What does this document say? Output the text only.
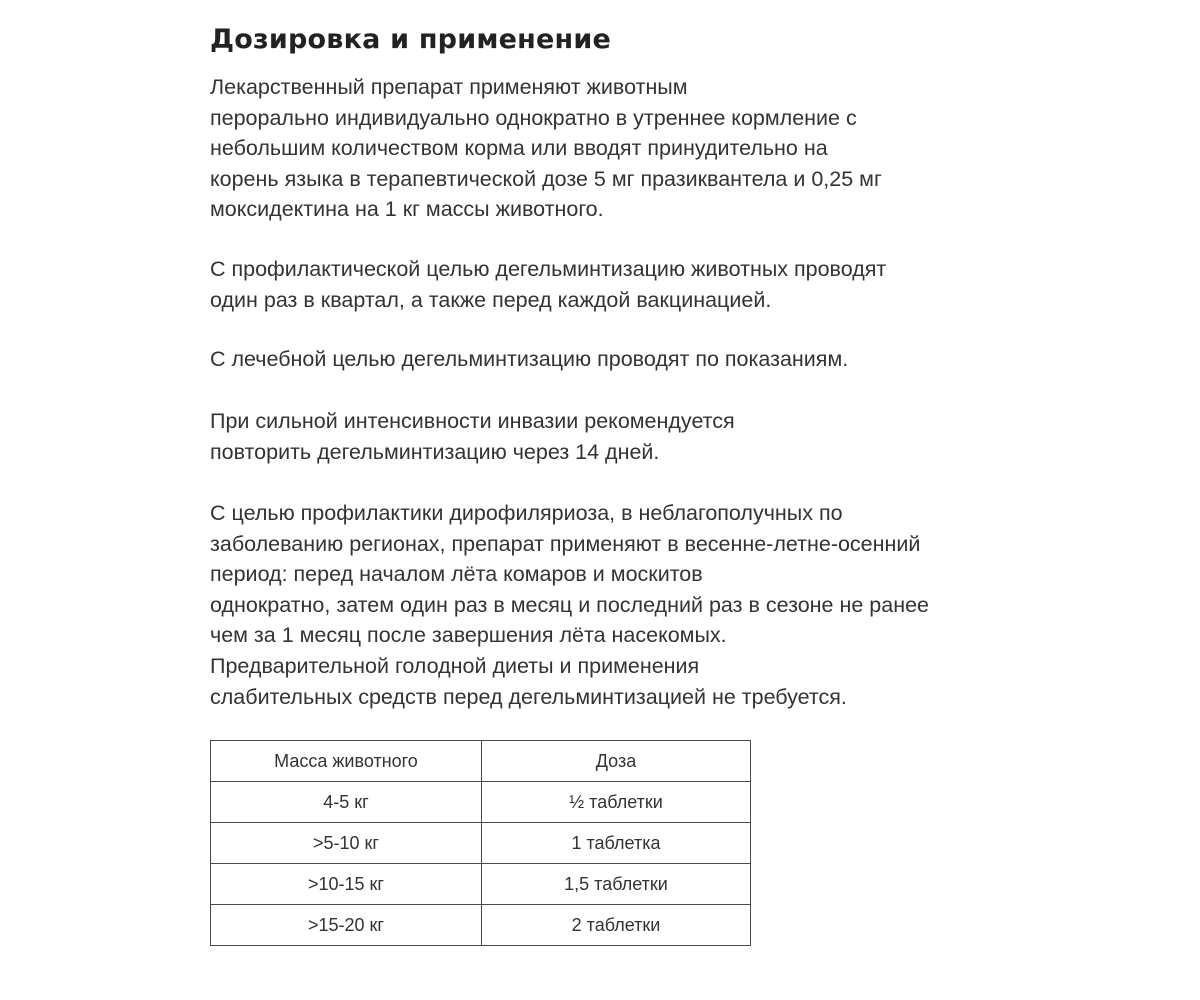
Дозировка и применение

Лекарственный препарат применяют животным
перорально индивидуально однократно в утреннее кормление с
небольшим количеством корма или вводят принудительно на
корень языка в терапевтической дозе 5 мг празиквантела и 0,25 мг
моксидектина на 1 кг массы животного.

С профилактической целью дегельминтизацию животных проводят
один раз в квартал, а также перед каждой вакцинацией.

С лечебной целью дегельминтизацию проводят по показаниям.

При сильной интенсивности инвазии рекомендуется
повторить дегельминтизацию через 14 дней.

С целью профилактики дирофиляриоза, в неблагополучных по
заболеванию регионах, препарат применяют в весенне-летне-осенний
период: перед началом лёта комаров и москитов
однократно, затем один раз в месяц и последний раз в сезоне не ранее
чем за 1 месяц после завершения лёта насекомых.
Предварительной голодной диеты и применения
слабительных средств перед дегельминтизацией не требуется.

Масса животного	Доза
4-5 кг	½ таблетки
>5-10 кг	1 таблетка
>10-15 кг	1,5 таблетки
>15-20 кг	2 таблетки
